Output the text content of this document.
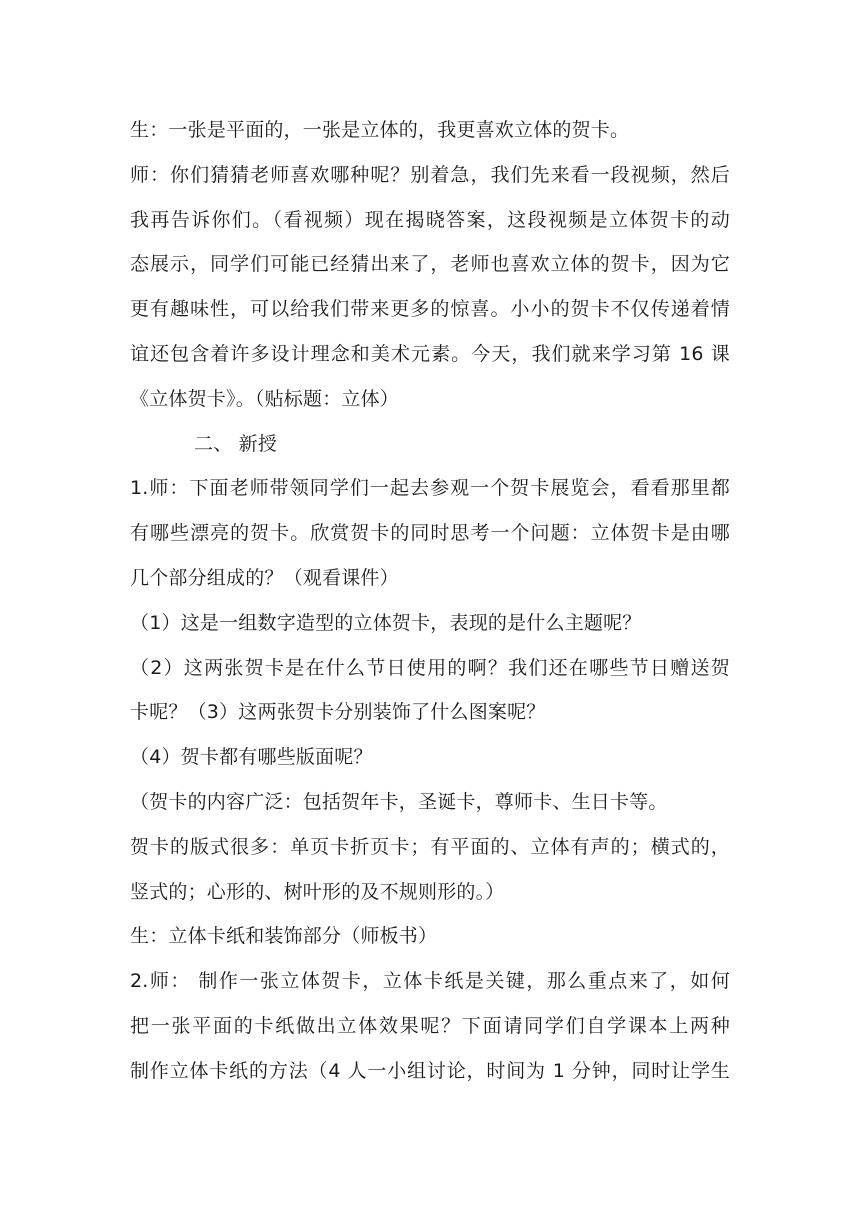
生：一张是平面的，一张是立体的，我更喜欢立体的贺卡。
师：你们猜猜老师喜欢哪种呢？别着急，我们先来看一段视频，然后
我再告诉你们。（看视频）现在揭晓答案，这段视频是立体贺卡的动
态展示，同学们可能已经猜出来了，老师也喜欢立体的贺卡，因为它
更有趣味性，可以给我们带来更多的惊喜。小小的贺卡不仅传递着情
谊还包含着许多设计理念和美术元素。今天，我们就来学习第 16 课
《立体贺卡》。（贴标题：立体）
二、 新授
1.师：下面老师带领同学们一起去参观一个贺卡展览会，看看那里都
有哪些漂亮的贺卡。欣赏贺卡的同时思考一个问题：立体贺卡是由哪
几个部分组成的？（观看课件）
（1）这是一组数字造型的立体贺卡，表现的是什么主题呢？
（2）这两张贺卡是在什么节日使用的啊？我们还在哪些节日赠送贺
卡呢？（3）这两张贺卡分别装饰了什么图案呢？
（4）贺卡都有哪些版面呢？
（贺卡的内容广泛：包括贺年卡，圣诞卡，尊师卡、生日卡等。
贺卡的版式很多：单页卡折页卡；有平面的、立体有声的；横式的，
竖式的；心形的、树叶形的及不规则形的。）
生：立体卡纸和装饰部分（师板书）
2.师： 制作一张立体贺卡，立体卡纸是关键，那么重点来了，如何
把一张平面的卡纸做出立体效果呢？下面请同学们自学课本上两种
制作立体卡纸的方法（4 人一小组讨论，时间为 1 分钟，同时让学生
